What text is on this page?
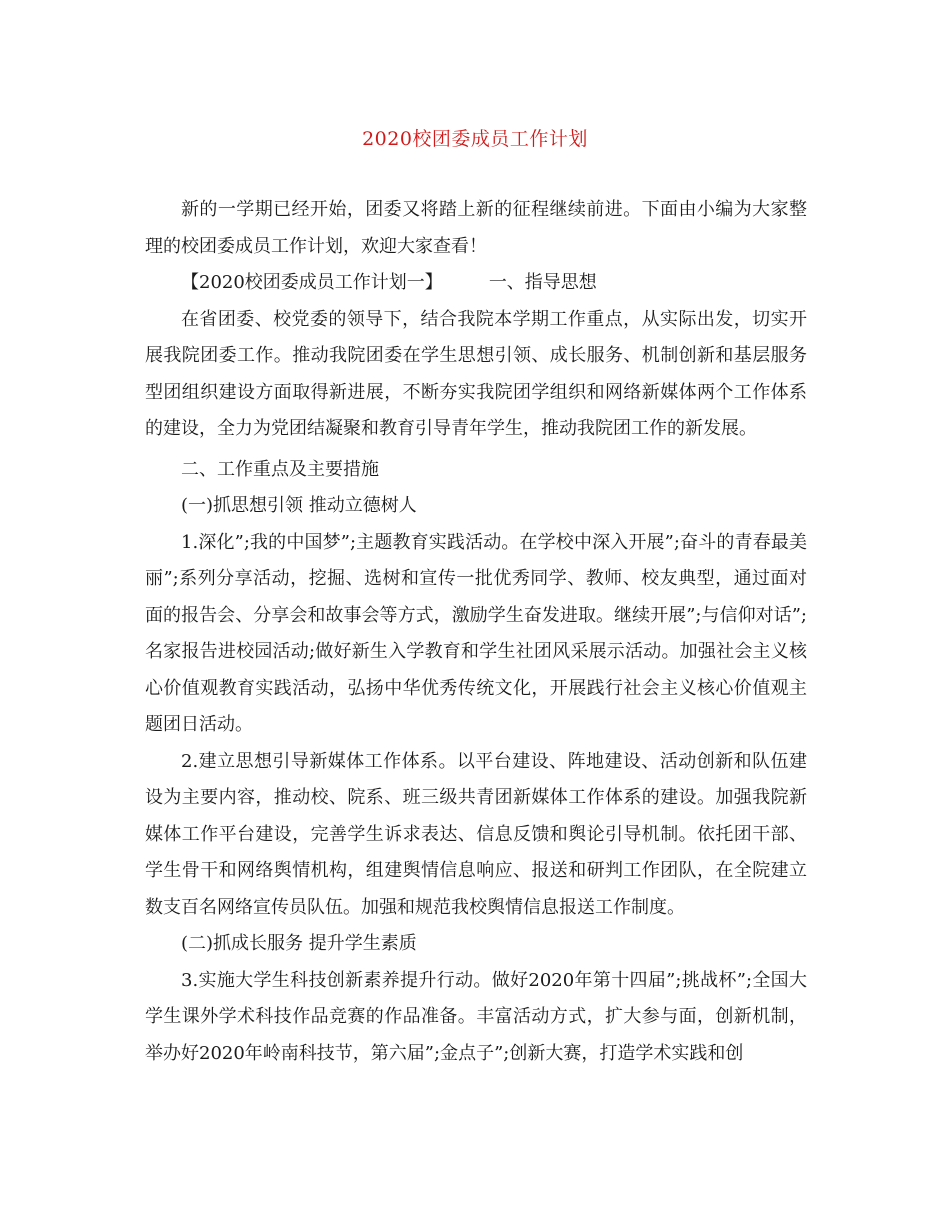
2020校团委成员工作计划

新的一学期已经开始，团委又将踏上新的征程继续前进。下面由小编为大家整理的校团委成员工作计划，欢迎大家查看！

【2020校团委成员工作计划一】	一、指导思想

在省团委、校党委的领导下，结合我院本学期工作重点，从实际出发，切实开展我院团委工作。推动我院团委在学生思想引领、成长服务、机制创新和基层服务型团组织建设方面取得新进展，不断夯实我院团学组织和网络新媒体两个工作体系的建设，全力为党团结凝聚和教育引导青年学生，推动我院团工作的新发展。

二、工作重点及主要措施

(一)抓思想引领 推动立德树人

1.深化”;我的中国梦”;主题教育实践活动。在学校中深入开展”;奋斗的青春最美丽”;系列分享活动，挖掘、选树和宣传一批优秀同学、教师、校友典型，通过面对面的报告会、分享会和故事会等方式，激励学生奋发进取。继续开展”;与信仰对话”;名家报告进校园活动;做好新生入学教育和学生社团风采展示活动。加强社会主义核心价值观教育实践活动，弘扬中华优秀传统文化，开展践行社会主义核心价值观主题团日活动。

2.建立思想引导新媒体工作体系。以平台建设、阵地建设、活动创新和队伍建设为主要内容，推动校、院系、班三级共青团新媒体工作体系的建设。加强我院新媒体工作平台建设，完善学生诉求表达、信息反馈和舆论引导机制。依托团干部、学生骨干和网络舆情机构，组建舆情信息响应、报送和研判工作团队，在全院建立数支百名网络宣传员队伍。加强和规范我校舆情信息报送工作制度。

(二)抓成长服务 提升学生素质

3.实施大学生科技创新素养提升行动。做好2020年第十四届”;挑战杯”;全国大学生课外学术科技作品竞赛的作品准备。丰富活动方式，扩大参与面，创新机制，举办好2020年岭南科技节，第六届”;金点子”;创新大赛，打造学术实践和创
